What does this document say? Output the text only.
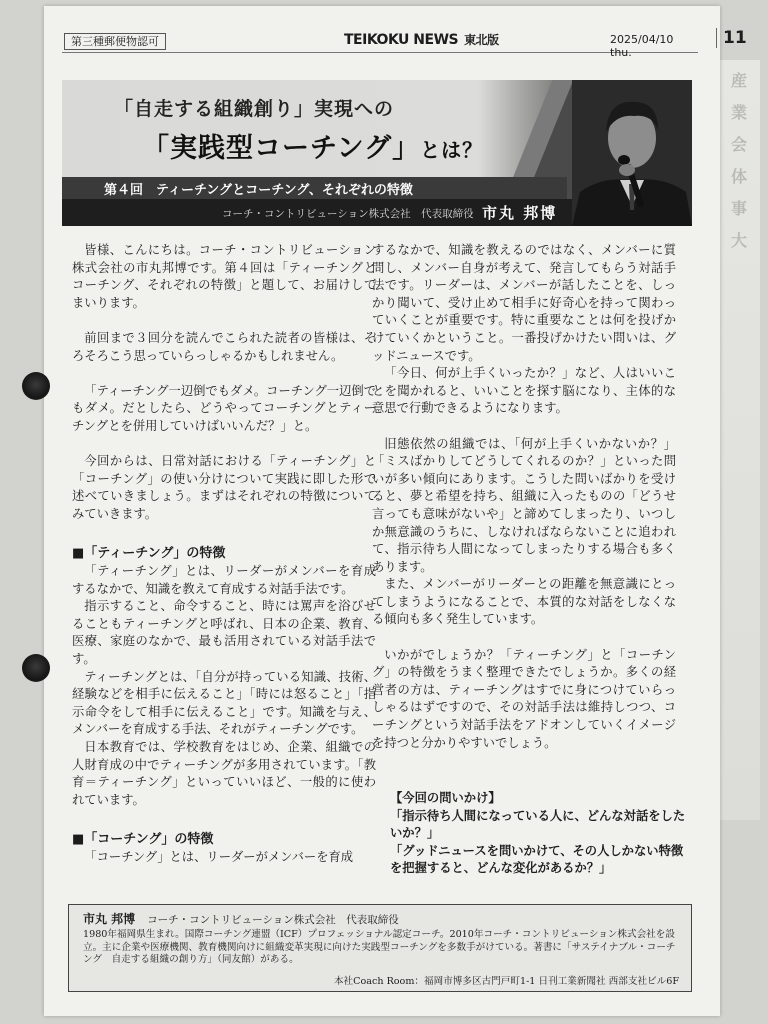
産
業
会
体
事
大
第三種郵便物認可	TEIKOKU NEWS 東北版	2025/04/10 thu.
11
「自走する組織創り」実現への
「実践型コーチング」とは？
第４回　ティーチングとコーチング、それぞれの特徴
コーチ・コントリビューション株式会社　代表取締役 市丸 邦博

皆様、こんにちは。コーチ・コントリビューション株式会社の市丸邦博です。第４回は「ティーチングとコーチング、それぞれの特徴」と題して、お届けしてまいります。

前回まで３回分を読んでこられた読者の皆様は、そろそろこう思っていらっしゃるかもしれません。

「ティーチング一辺倒でもダメ。コーチング一辺倒でもダメ。だとしたら、どうやってコーチングとティーチングとを併用していけばいいんだ？」と。

今回からは、日常対話における「ティーチング」と「コーチング」の使い分けについて実践に即した形で述べていきましょう。まずはそれぞれの特徴についてみていきます。

■「ティーチング」の特徴

「ティーチング」とは、リーダーがメンバーを育成するなかで、知識を教えて育成する対話手法です。

指示すること、命令すること、時には罵声を浴びせることもティーチングと呼ばれ、日本の企業、教育、医療、家庭のなかで、最も活用されている対話手法です。

ティーチングとは、「自分が持っている知識、技術、経験などを相手に伝えること」「時には怒ること」「指示命令をして相手に伝えること」です。知識を与え、メンバーを育成する手法、それがティーチングです。

日本教育では、学校教育をはじめ、企業、組織での人財育成の中でティーチングが多用されています。「教育＝ティーチング」といっていいほど、一般的に使われています。

■「コーチング」の特徴

「コーチング」とは、リーダーがメンバーを育成

するなかで、知識を教えるのではなく、メンバーに質問し、メンバー自身が考えて、発言してもらう対話手法です。リーダーは、メンバーが話したことを、しっかり聞いて、受け止めて相手に好奇心を持って関わっていくことが重要です。特に重要なことは何を投げかけていくかということ。一番投げかけたい問いは、グッドニュースです。

「今日、何が上手くいったか？」など、人はいいことを聞かれると、いいことを探す脳になり、主体的な意思で行動できるようになります。

旧態依然の組織では、「何が上手くいかないか？」「ミスばかりしてどうしてくれるのか？」といった問いが多い傾向にあります。こうした問いばかりを受けると、夢と希望を持ち、組織に入ったものの「どうせ言っても意味がないや」と諦めてしまったり、いつしか無意識のうちに、しなければならないことに追われて、指示待ち人間になってしまったりする場合も多くあります。

また、メンバーがリーダーとの距離を無意識にとってしまうようになることで、本質的な対話をしなくなる傾向も多く発生しています。

いかがでしょうか？「ティーチング」と「コーチング」の特徴をうまく整理できたでしょうか。多くの経営者の方は、ティーチングはすでに身につけていらっしゃるはずですので、その対話手法は維持しつつ、コーチングという対話手法をアドオンしていくイメージを持つと分かりやすいでしょう。

【今回の問いかけ】
「指示待ち人間になっている人に、どんな対話をしたいか？」
「グッドニュースを問いかけて、その人しかない特徴を把握すると、どんな変化があるか？」
市丸 邦博 コーチ・コントリビューション株式会社　代表取締役
1980年福岡県生まれ。国際コーチング連盟（ICF）プロフェッショナル認定コーチ。2010年コーチ・コントリビューション株式会社を設立。主に企業や医療機関、教育機関向けに組織変革実現に向けた実践型コーチングを多数手がけている。著書に「サステイナブル・コーチング　自走する組織の創り方」（同友館）がある。
本社Coach Room：福岡市博多区古門戸町1-1 日刊工業新聞社 西部支社ビル6F
